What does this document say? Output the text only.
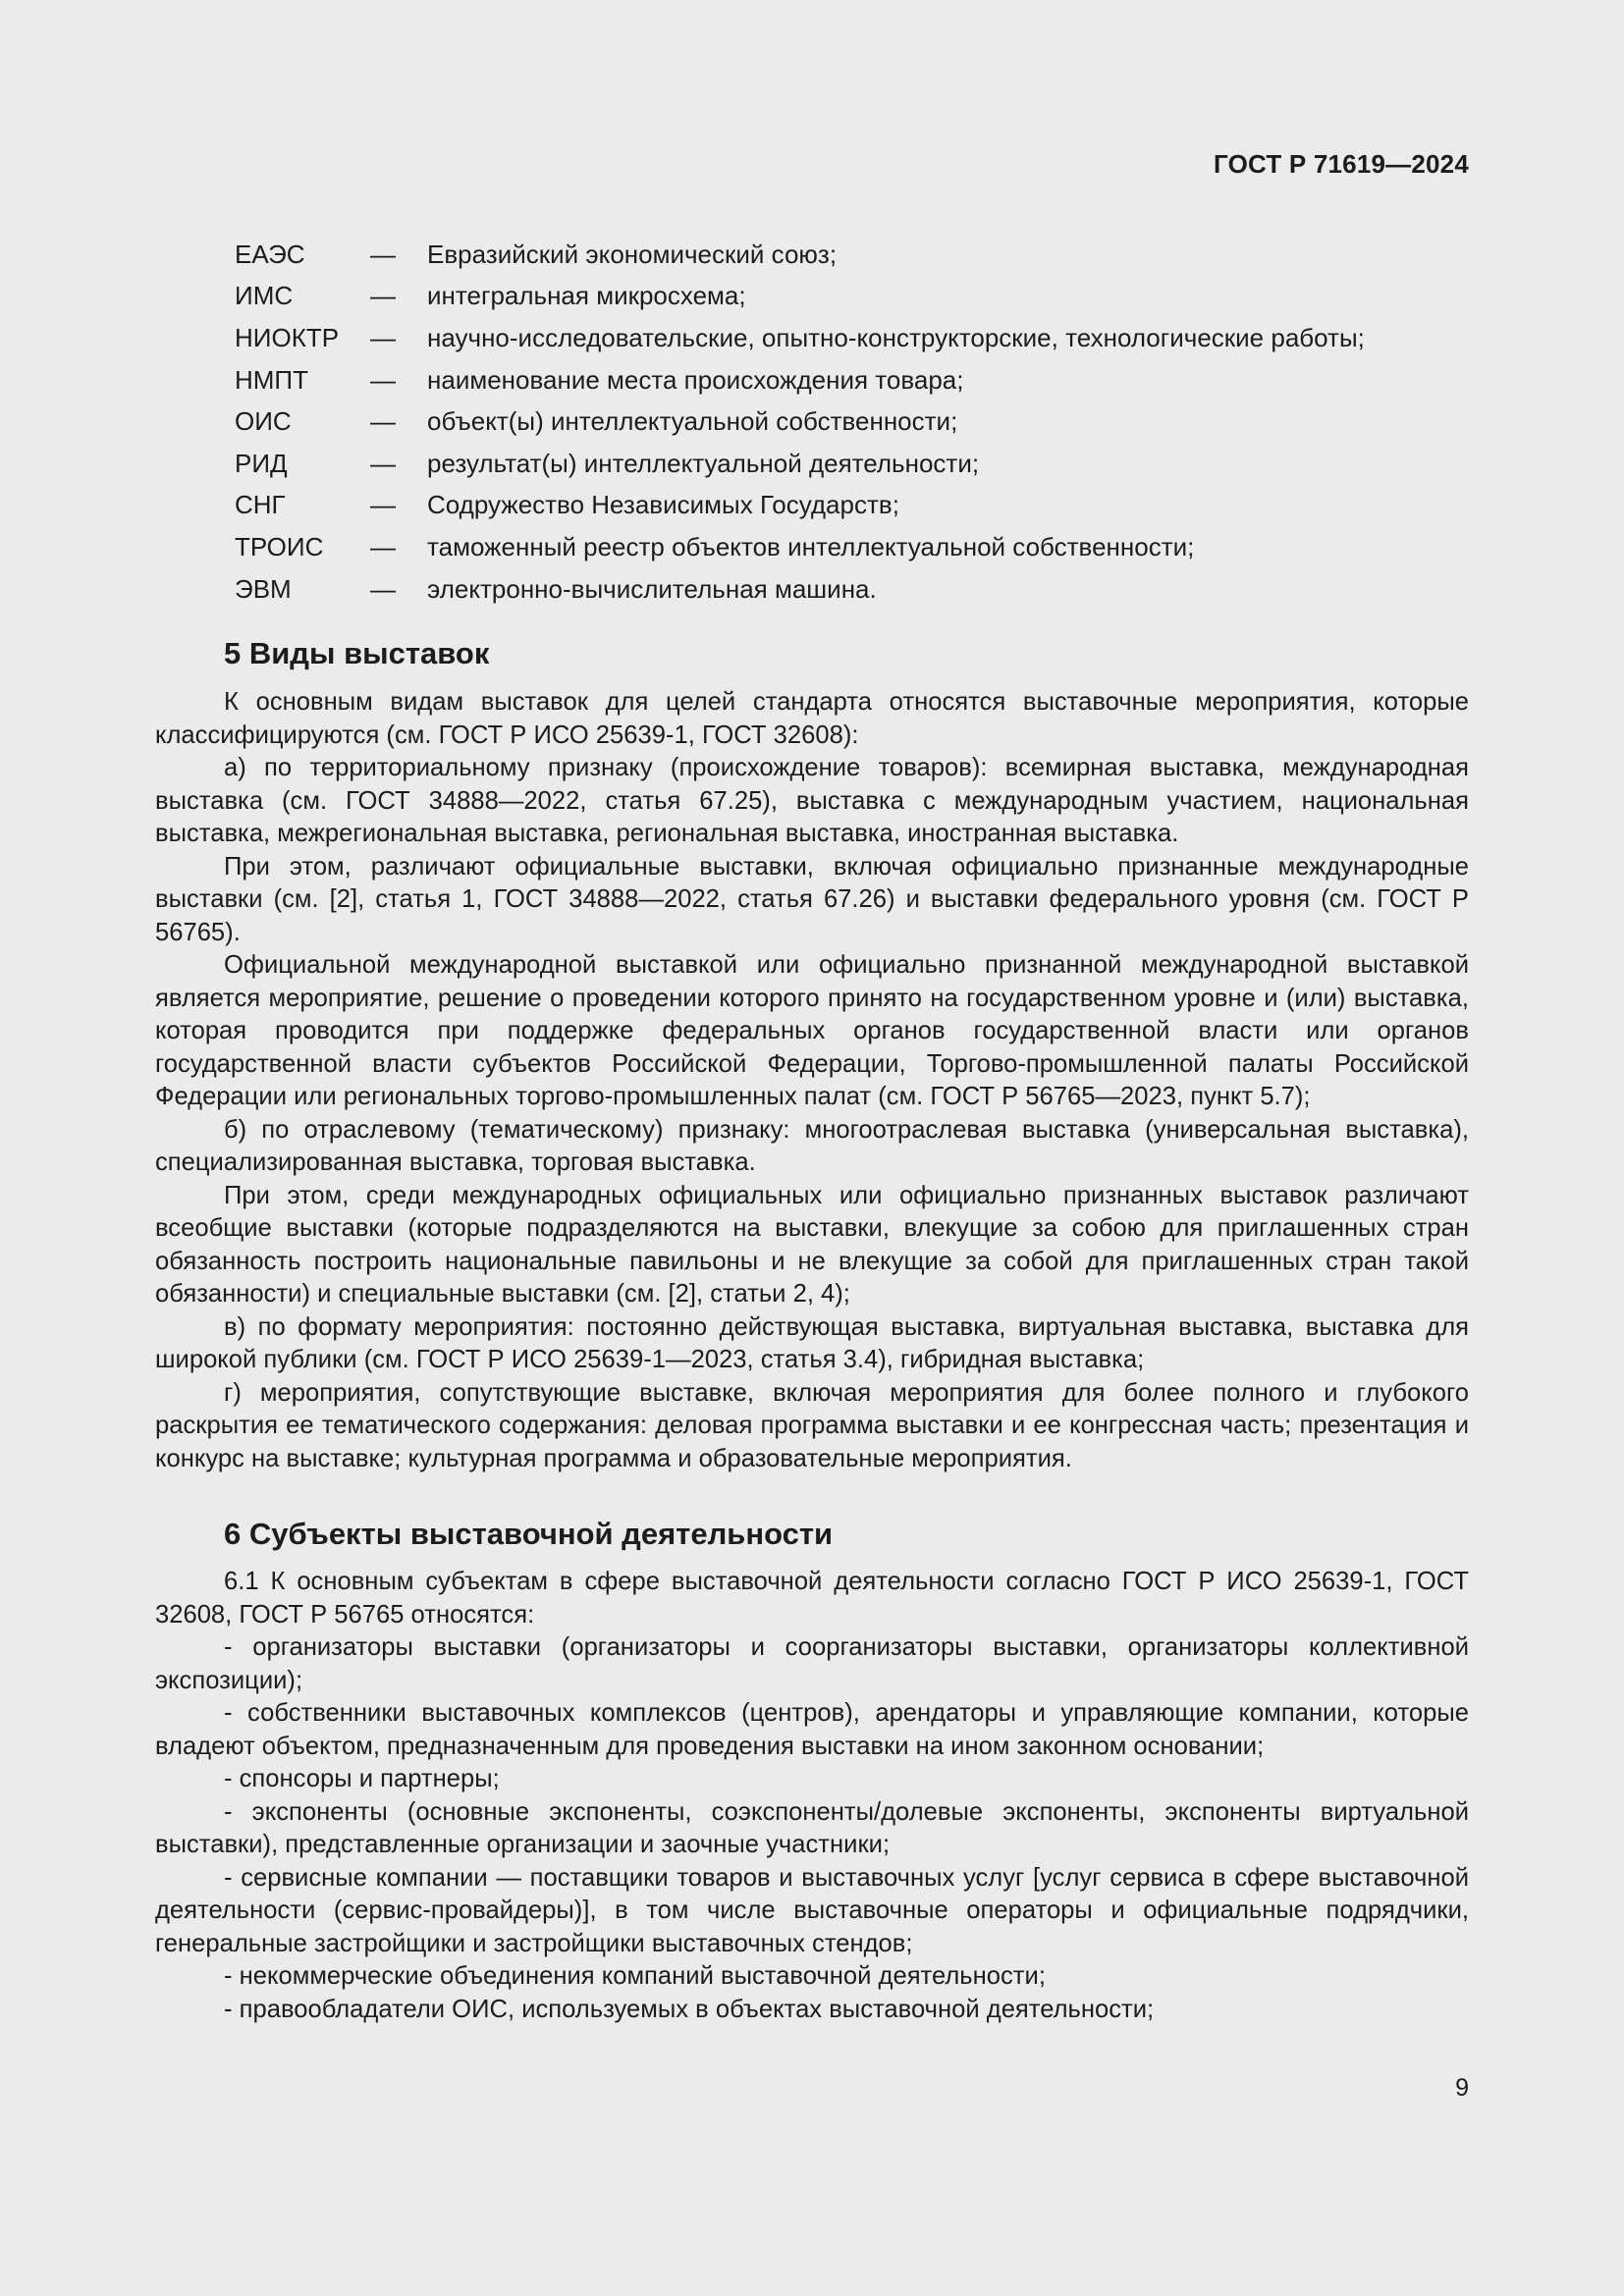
ГОСТ Р 71619—2024
ЕАЭС	—	Евразийский экономический союз;
ИМС	—	интегральная микросхема;
НИОКТР	—	научно-исследовательские, опытно-конструкторские, технологические работы;
НМПТ	—	наименование места происхождения товара;
ОИС	—	объект(ы) интеллектуальной собственности;
РИД	—	результат(ы) интеллектуальной деятельности;
СНГ	—	Содружество Независимых Государств;
ТРОИС	—	таможенный реестр объектов интеллектуальной собственности;
ЭВМ	—	электронно-вычислительная машина.
5 Виды выставок

К основным видам выставок для целей стандарта относятся выставочные мероприятия, которые классифицируются (см. ГОСТ Р ИСО 25639-1, ГОСТ 32608):

а) по территориальному признаку (происхождение товаров): всемирная выставка, международная выставка (см. ГОСТ 34888—2022, статья 67.25), выставка с международным участием, национальная выставка, межрегиональная выставка, региональная выставка, иностранная выставка.

При этом, различают официальные выставки, включая официально признанные международные выставки (см. [2], статья 1, ГОСТ 34888—2022, статья 67.26) и выставки федерального уровня (см. ГОСТ Р 56765).

Официальной международной выставкой или официально признанной международной выставкой является мероприятие, решение о проведении которого принято на государственном уровне и (или) выставка, которая проводится при поддержке федеральных органов государственной власти или органов государственной власти субъектов Российской Федерации, Торгово-промышленной палаты Российской Федерации или региональных торгово-промышленных палат (см. ГОСТ Р 56765—2023, пункт 5.7);

б) по отраслевому (тематическому) признаку: многоотраслевая выставка (универсальная выставка), специализированная выставка, торговая выставка.

При этом, среди международных официальных или официально признанных выставок различают всеобщие выставки (которые подразделяются на выставки, влекущие за собою для приглашенных стран обязанность построить национальные павильоны и не влекущие за собой для приглашенных стран такой обязанности) и специальные выставки (см. [2], статьи 2, 4);

в) по формату мероприятия: постоянно действующая выставка, виртуальная выставка, выставка для широкой публики (см. ГОСТ Р ИСО 25639-1—2023, статья 3.4), гибридная выставка;

г) мероприятия, сопутствующие выставке, включая мероприятия для более полного и глубокого раскрытия ее тематического содержания: деловая программа выставки и ее конгрессная часть; презентация и конкурс на выставке; культурная программа и образовательные мероприятия.

6 Субъекты выставочной деятельности

6.1 К основным субъектам в сфере выставочной деятельности согласно ГОСТ Р ИСО 25639-1, ГОСТ 32608, ГОСТ Р 56765 относятся:

- организаторы выставки (организаторы и соорганизаторы выставки, организаторы коллективной экспозиции);

- собственники выставочных комплексов (центров), арендаторы и управляющие компании, которые владеют объектом, предназначенным для проведения выставки на ином законном основании;

- спонсоры и партнеры;

- экспоненты (основные экспоненты, соэкспоненты/долевые экспоненты, экспоненты виртуальной выставки), представленные организации и заочные участники;

- сервисные компании — поставщики товаров и выставочных услуг [услуг сервиса в сфере выставочной деятельности (сервис-провайдеры)], в том числе выставочные операторы и официальные подрядчики, генеральные застройщики и застройщики выставочных стендов;

- некоммерческие объединения компаний выставочной деятельности;

- правообладатели ОИС, используемых в объектах выставочной деятельности;

9
